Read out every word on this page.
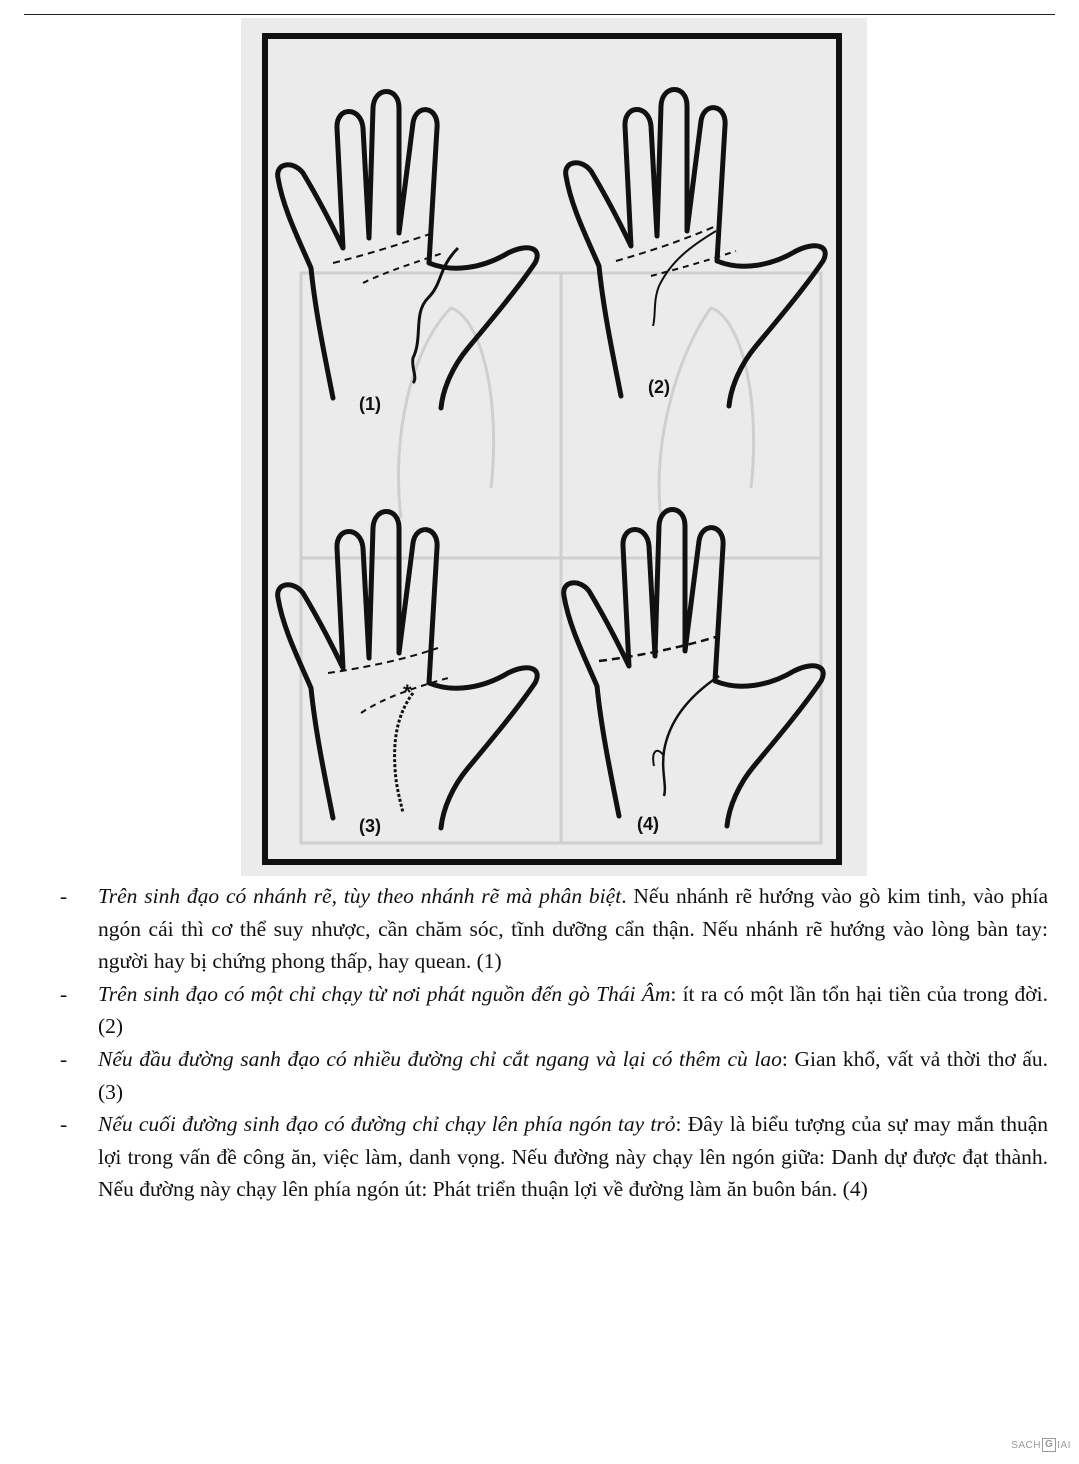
(1)
(2)
*
(3)	(4)
- Trên sinh đạo có nhánh rẽ, tùy theo nhánh rẽ mà phân biệt. Nếu nhánh rẽ hướng vào gò kim tinh, vào phía ngón cái thì cơ thể suy nhược, cần chăm sóc, tĩnh dưỡng cẩn thận. Nếu nhánh rẽ hướng vào lòng bàn tay: người hay bị chứng phong thấp, hay quean. (1)
- Trên sinh đạo có một chỉ chạy từ nơi phát nguồn đến gò Thái Âm: ít ra có một lần tổn hại tiền của trong đời. (2)
- Nếu đầu đường sanh đạo có nhiều đường chỉ cắt ngang và lại có thêm cù lao: Gian khổ, vất vả thời thơ ấu. (3)
- Nếu cuối đường sinh đạo có đường chỉ chạy lên phía ngón tay trỏ: Đây là biểu tượng của sự may mắn thuận lợi trong vấn đề công ăn, việc làm, danh vọng. Nếu đường này chạy lên ngón giữa: Danh dự được đạt thành. Nếu đường này chạy lên phía ngón út: Phát triển thuận lợi về đường làm ăn buôn bán. (4)
SACH G IAI
